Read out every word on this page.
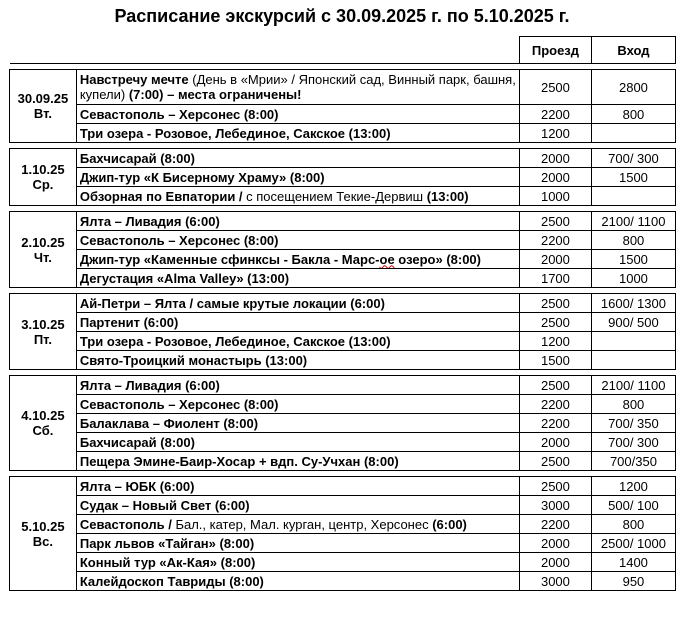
Расписание экскурсий с 30.09.2025 г. по 5.10.2025 г.
		Проезд	Вход

30.09.25
Вт.	Навстречу мечте (День в «Мрии» / Японский сад, Винный парк, башня, купели) (7:00) – места ограничены!	2500	2800
	Севастополь – Херсонес (8:00)	2200	800
	Три озера - Розовое, Лебединое, Сакское (13:00)	1200	

1.10.25
Ср.	Бахчисарай (8:00)	2000	700/ 300
	Джип-тур «К Бисерному Храму» (8:00)	2000	1500
	Обзорная по Евпатории / с посещением Текие-Дервиш (13:00)	1000	

2.10.25
Чт.	Ялта – Ливадия (6:00)	2500	2100/ 1100
	Севастополь – Херсонес (8:00)	2200	800
	Джип-тур «Каменные сфинксы - Бакла - Марс-ое озеро» (8:00)	2000	1500
	Дегустация «Alma Valley» (13:00)	1700	1000

3.10.25
Пт.	Ай-Петри – Ялта / самые крутые локации (6:00)	2500	1600/ 1300
	Партенит (6:00)	2500	900/ 500
	Три озера - Розовое, Лебединое, Сакское (13:00)	1200	
	Свято-Троицкий монастырь (13:00)	1500	

4.10.25
Сб.	Ялта – Ливадия (6:00)	2500	2100/ 1100
	Севастополь – Херсонес (8:00)	2200	800
	Балаклава – Фиолент (8:00)	2200	700/ 350
	Бахчисарай (8:00)	2000	700/ 300
	Пещера Эмине-Баир-Хосар + вдп. Су-Учхан (8:00)	2500	700/350

5.10.25
Вс.	Ялта – ЮБК (6:00)	2500	1200
	Судак – Новый Свет (6:00)	3000	500/ 100
	Севастополь / Бал., катер, Мал. курган, центр, Херсонес (6:00)	2200	800
	Парк львов «Тайган» (8:00)	2000	2500/ 1000
	Конный тур «Ак-Кая» (8:00)	2000	1400
	Калейдоскоп Тавриды (8:00)	3000	950
